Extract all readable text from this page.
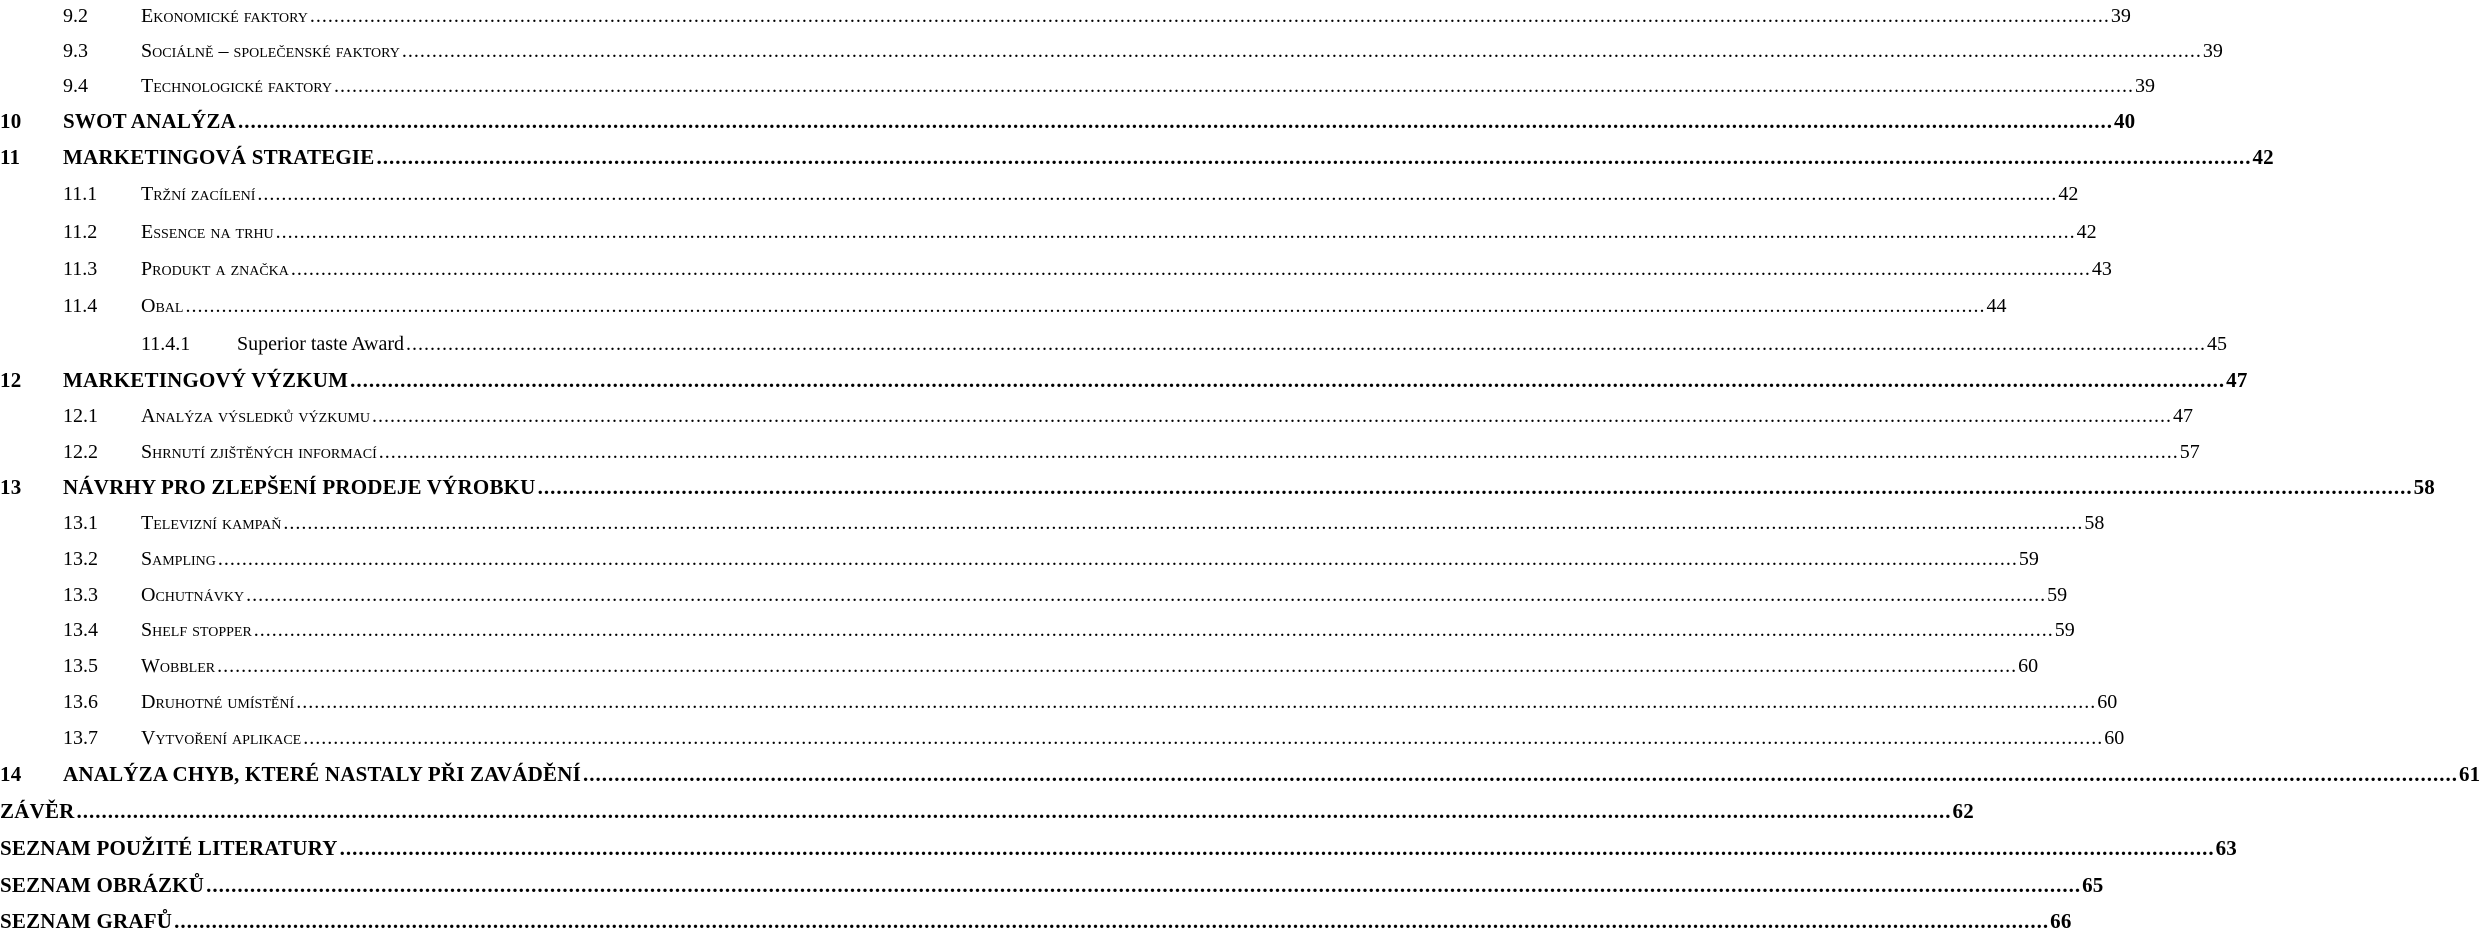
9.2	Ekonomické faktory ............................................................................................................................................................................................................................................................................................................ 39
9.3	Sociálně – společenské faktory ............................................................................................................................................................................................................................................................................................................ 39
9.4	Technologické faktory ............................................................................................................................................................................................................................................................................................................ 39
10	SWOT ANALÝZA ............................................................................................................................................................................................................................................................................................................ 40
11	MARKETINGOVÁ STRATEGIE ............................................................................................................................................................................................................................................................................................................ 42
11.1	Tržní zacílení ............................................................................................................................................................................................................................................................................................................ 42
11.2	Essence na trhu ............................................................................................................................................................................................................................................................................................................ 42
11.3	Produkt a značka ............................................................................................................................................................................................................................................................................................................ 43
11.4	Obal ............................................................................................................................................................................................................................................................................................................ 44
11.4.1	Superior taste Award ............................................................................................................................................................................................................................................................................................................ 45
12	MARKETINGOVÝ VÝZKUM ............................................................................................................................................................................................................................................................................................................ 47
12.1	Analýza výsledků výzkumu ............................................................................................................................................................................................................................................................................................................ 47
12.2	Shrnutí zjištěných informací ............................................................................................................................................................................................................................................................................................................ 57
13	NÁVRHY PRO ZLEPŠENÍ PRODEJE VÝROBKU ............................................................................................................................................................................................................................................................................................................ 58
13.1	Televizní kampaň ............................................................................................................................................................................................................................................................................................................ 58
13.2	Sampling ............................................................................................................................................................................................................................................................................................................ 59
13.3	Ochutnávky ............................................................................................................................................................................................................................................................................................................ 59
13.4	Shelf stopper ............................................................................................................................................................................................................................................................................................................ 59
13.5	Wobbler ............................................................................................................................................................................................................................................................................................................ 60
13.6	Druhotné umístění ............................................................................................................................................................................................................................................................................................................ 60
13.7	Vytvoření aplikace ............................................................................................................................................................................................................................................................................................................ 60
14	ANALÝZA CHYB, KTERÉ NASTALY PŘI ZAVÁDĚNÍ ............................................................................................................................................................................................................................................................................................................ 61
ZÁVĚR ............................................................................................................................................................................................................................................................................................................ 62
SEZNAM POUŽITÉ LITERATURY ............................................................................................................................................................................................................................................................................................................ 63
SEZNAM OBRÁZKŮ ............................................................................................................................................................................................................................................................................................................ 65
SEZNAM GRAFŮ ............................................................................................................................................................................................................................................................................................................ 66
